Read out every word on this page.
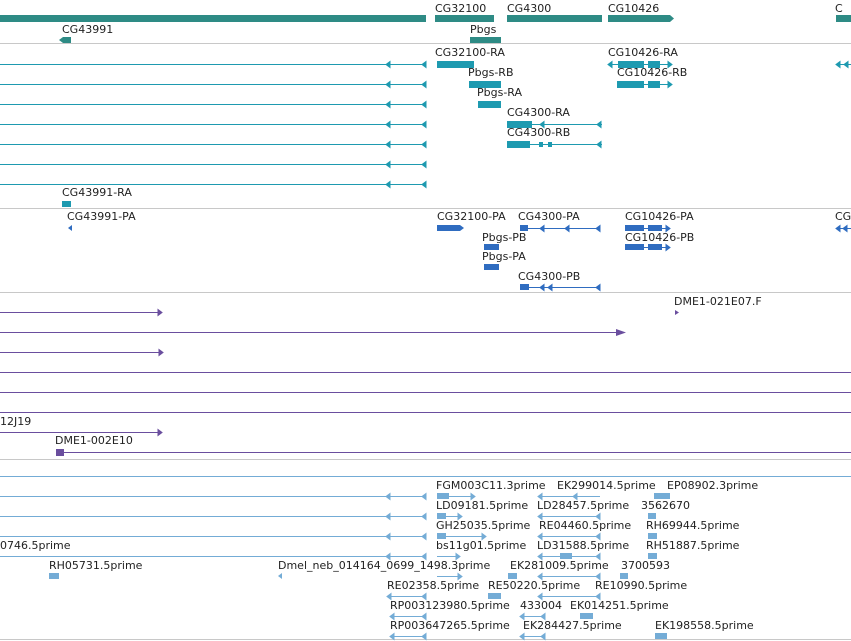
CG43991
CG32100 CG4300	CG10426
Pbgs
C
CG32100-RA	CG10426-RA
Pbgs-RB	CG10426-RB
Pbgs-RA
CG4300-RA
CG4300-RB
CG43991-RA
CG43991-PA	CG32100-PA CG4300-PA	CG10426-PA	CG
Pbgs-PB	CG10426-PB
Pbgs-PA
CG4300-PB
DME1-021E07.F
12J19
DME1-002E10
FGM003C11.3prime EK299014.5prime EP08902.3prime
LD09181.5prime LD28457.5prime 3562670
GH25035.5prime RE04460.5prime RH69944.5prime
0746.5prime	bs11g01.5prime LD31588.5prime RH51887.5prime
RH05731.5prime	Dmel_neb_014164_0699_1498.3prime EK281009.5prime 3700593
RE02358.5prime RE50220.5prime RE10990.5prime
RP003123980.5prime 433004 EK014251.5prime
RP003647265.5prime EK284427.5prime	EK198558.5prime
